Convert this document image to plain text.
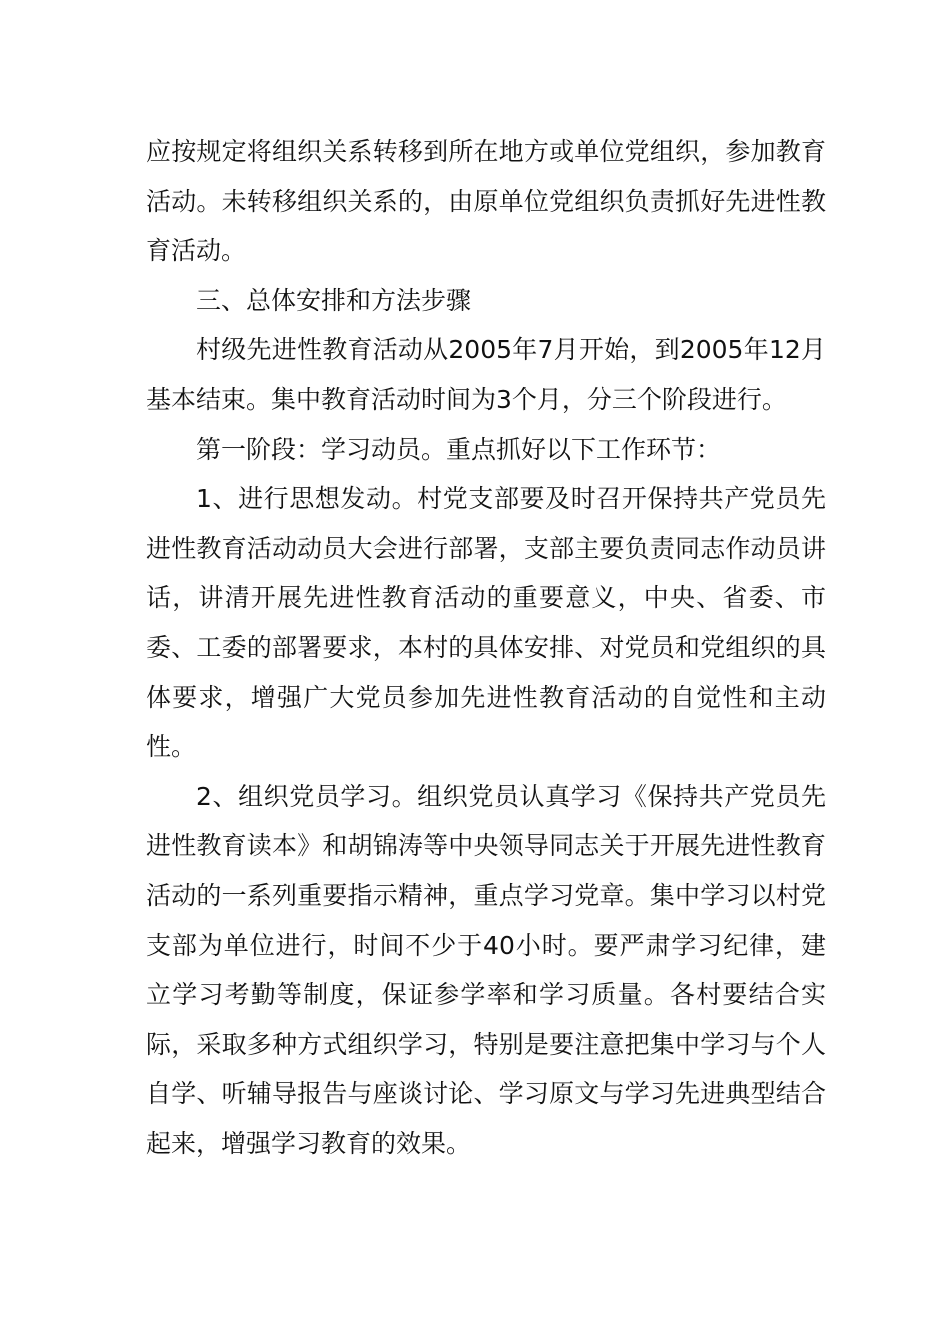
应按规定将组织关系转移到所在地方或单位党组织，参加教育活动。未转移组织关系的，由原单位党组织负责抓好先进性教育活动。

三、总体安排和方法步骤

村级先进性教育活动从2005年7月开始，到2005年12月基本结束。集中教育活动时间为3个月，分三个阶段进行。

第一阶段：学习动员。重点抓好以下工作环节：

1、进行思想发动。村党支部要及时召开保持共产党员先进性教育活动动员大会进行部署，支部主要负责同志作动员讲话，讲清开展先进性教育活动的重要意义，中央、省委、市委、工委的部署要求，本村的具体安排、对党员和党组织的具体要求，增强广大党员参加先进性教育活动的自觉性和主动性。

2、组织党员学习。组织党员认真学习《保持共产党员先进性教育读本》和胡锦涛等中央领导同志关于开展先进性教育活动的一系列重要指示精神，重点学习党章。集中学习以村党支部为单位进行，时间不少于40小时。要严肃学习纪律，建立学习考勤等制度，保证参学率和学习质量。各村要结合实际，采取多种方式组织学习，特别是要注意把集中学习与个人自学、听辅导报告与座谈讨论、学习原文与学习先进典型结合起来，增强学习教育的效果。
